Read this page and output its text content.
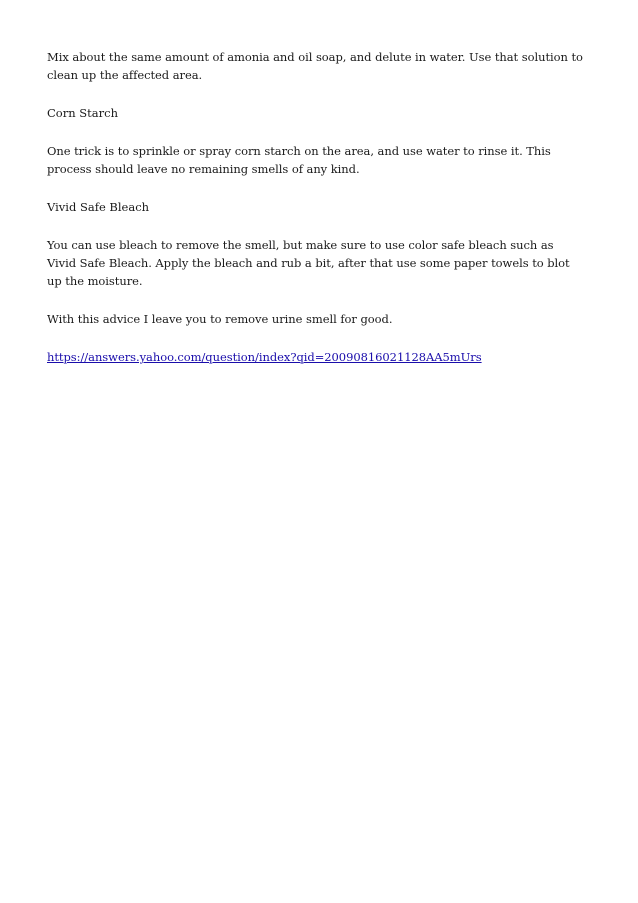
Mix about the same amount of amonia and oil soap, and delute in water. Use that solution to clean up the affected area.

Corn Starch

One trick is to sprinkle or spray corn starch on the area, and use water to rinse it. This process should leave no remaining smells of any kind.

Vivid Safe Bleach

You can use bleach to remove the smell, but make sure to use color safe bleach such as Vivid Safe Bleach. Apply the bleach and rub a bit, after that use some paper towels to blot up the moisture.

With this advice I leave you to remove urine smell for good.

https://answers.yahoo.com/question/index?qid=20090816021128AA5mUrs
